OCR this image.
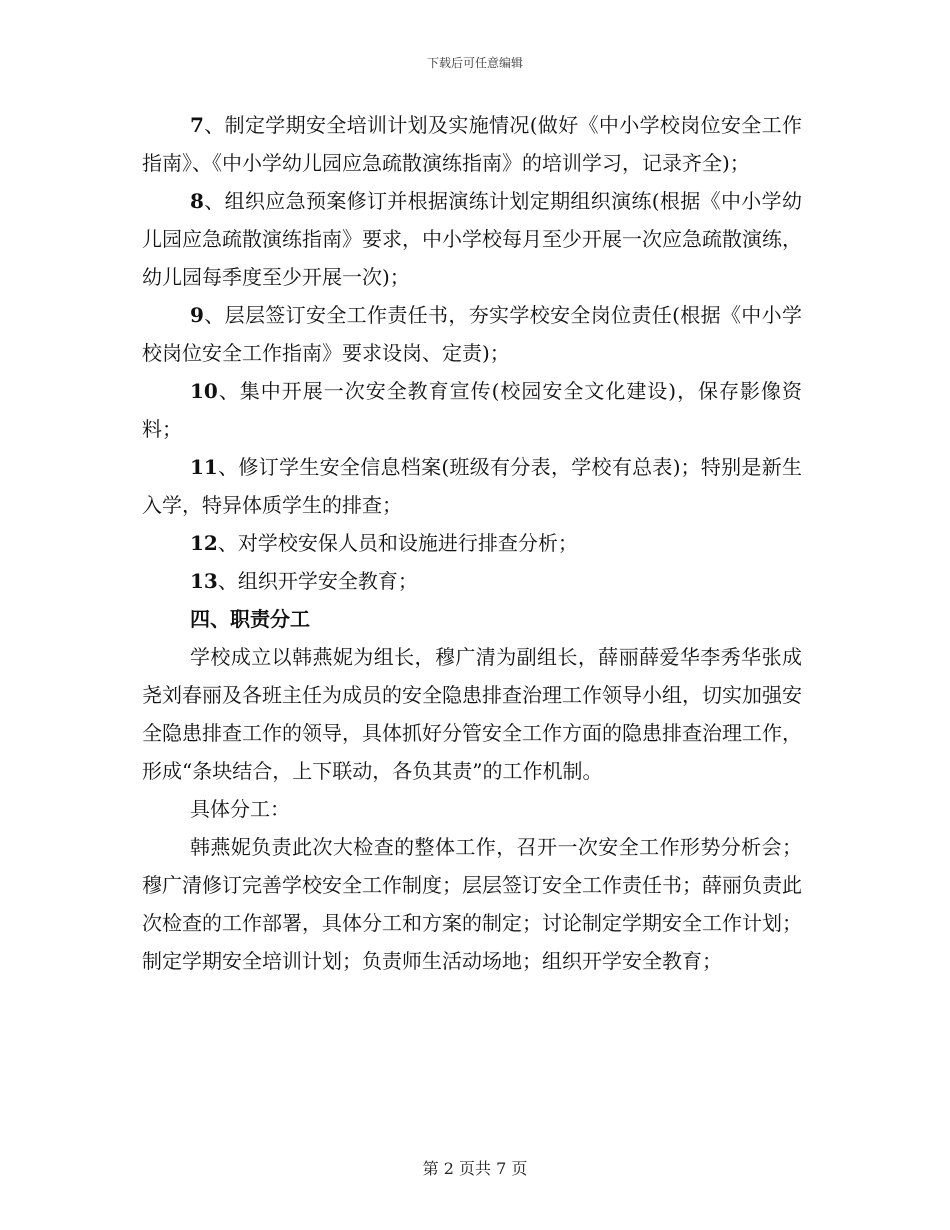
下载后可任意编辑

7、制定学期安全培训计划及实施情况(做好《中小学校岗位安全工作指南》、《中小学幼儿园应急疏散演练指南》的培训学习，记录齐全)；

8、组织应急预案修订并根据演练计划定期组织演练(根据《中小学幼儿园应急疏散演练指南》要求，中小学校每月至少开展一次应急疏散演练，幼儿园每季度至少开展一次)；

9、层层签订安全工作责任书，夯实学校安全岗位责任(根据《中小学校岗位安全工作指南》要求设岗、定责)；

10、集中开展一次安全教育宣传(校园安全文化建设)，保存影像资料；

11、修订学生安全信息档案(班级有分表，学校有总表)；特别是新生入学，特异体质学生的排查；

12、对学校安保人员和设施进行排查分析；

13、组织开学安全教育；

四、职责分工

学校成立以韩燕妮为组长，穆广清为副组长，薛丽薛爱华李秀华张成尧刘春丽及各班主任为成员的安全隐患排查治理工作领导小组，切实加强安全隐患排查工作的领导，具体抓好分管安全工作方面的隐患排查治理工作，形成“条块结合，上下联动，各负其责”的工作机制。

具体分工：

韩燕妮负责此次大检查的整体工作，召开一次安全工作形势分析会；穆广清修订完善学校安全工作制度；层层签订安全工作责任书；薛丽负责此次检查的工作部署，具体分工和方案的制定；讨论制定学期安全工作计划；制定学期安全培训计划；负责师生活动场地；组织开学安全教育；

第 2 页共 7 页
